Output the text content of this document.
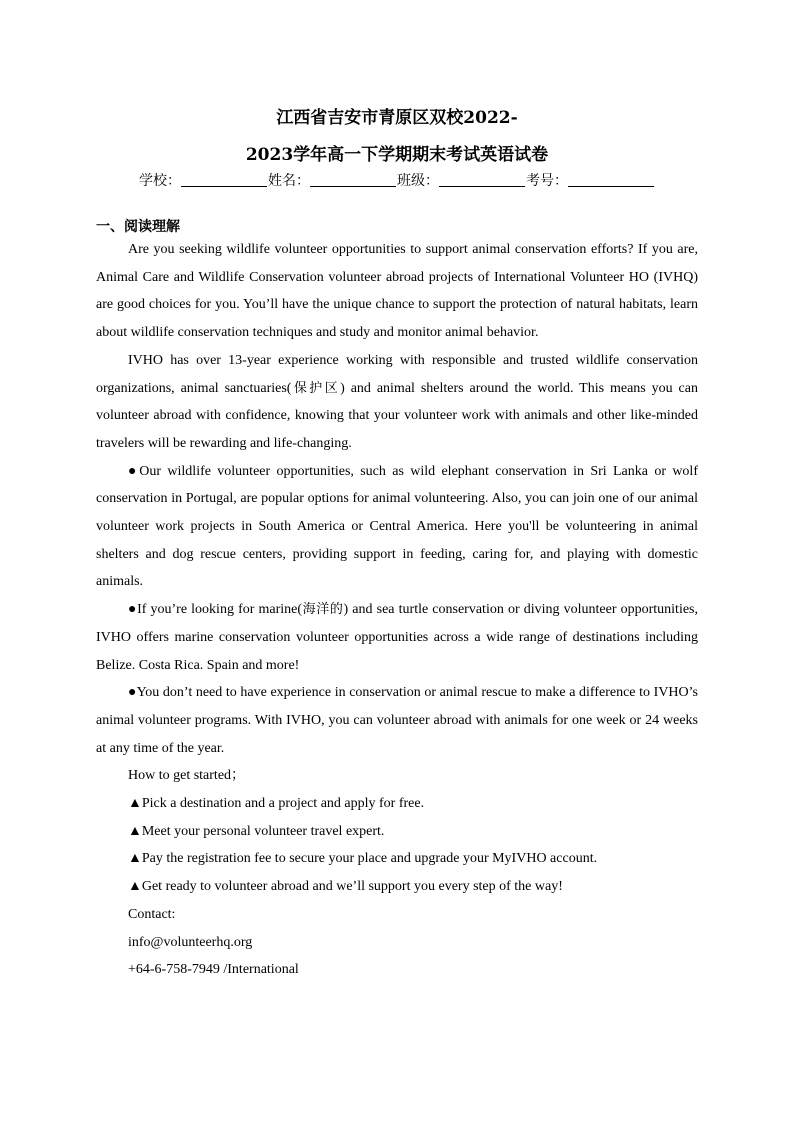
江西省吉安市青原区双校2022-
2023学年高一下学期期末考试英语试卷
学校：	姓名：	班级：	考号：
一、阅读理解

Are you seeking wildlife volunteer opportunities to support animal conservation efforts? If you are, Animal Care and Wildlife Conservation volunteer abroad projects of International Volunteer HO (IVHQ) are good choices for you. You’ll have the unique chance to support the protection of natural habitats, learn about wildlife conservation techniques and study and monitor animal behavior.

IVHO has over 13-year experience working with responsible and trusted wildlife conservation organizations, animal sanctuaries(保护区) and animal shelters around the world. This means you can volunteer abroad with confidence, knowing that your volunteer work with animals and other like-minded travelers will be rewarding and life-changing.

●Our wildlife volunteer opportunities, such as wild elephant conservation in Sri Lanka or wolf conservation in Portugal, are popular options for animal volunteering. Also, you can join one of our animal volunteer work projects in South America or Central America. Here you'll be volunteering in animal shelters and dog rescue centers, providing support in feeding, caring for, and playing with domestic animals.

●If you’re looking for marine(海洋的) and sea turtle conservation or diving volunteer opportunities, IVHO offers marine conservation volunteer opportunities across a wide range of destinations including Belize. Costa Rica. Spain and more!

●You don’t need to have experience in conservation or animal rescue to make a difference to IVHO’s animal volunteer programs. With IVHO, you can volunteer abroad with animals for one week or 24 weeks at any time of the year.

How to get started；

▲Pick a destination and a project and apply for free.

▲Meet your personal volunteer travel expert.

▲Pay the registration fee to secure your place and upgrade your MyIVHO account.

▲Get ready to volunteer abroad and we’ll support you every step of the way!

Contact:

info@volunteerhq.org

+64-6-758-7949 /International
